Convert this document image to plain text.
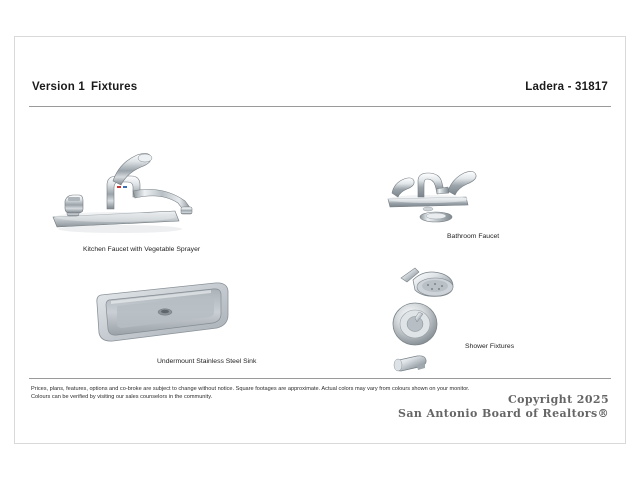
Version 1 Fixtures	Ladera - 31817
Kitchen Faucet with Vegetable Sprayer
Bathroom Faucet
Undermount Stainless Steel Sink
Shower Fixtures
Prices, plans, features, options and co-broke are subject to change without notice. Square footages are approximate. Actual colors may vary from colours shown on your monitor.
Colours can be verified by visiting our sales counselors in the community.	Copyright 2025
San Antonio Board of Realtors®
